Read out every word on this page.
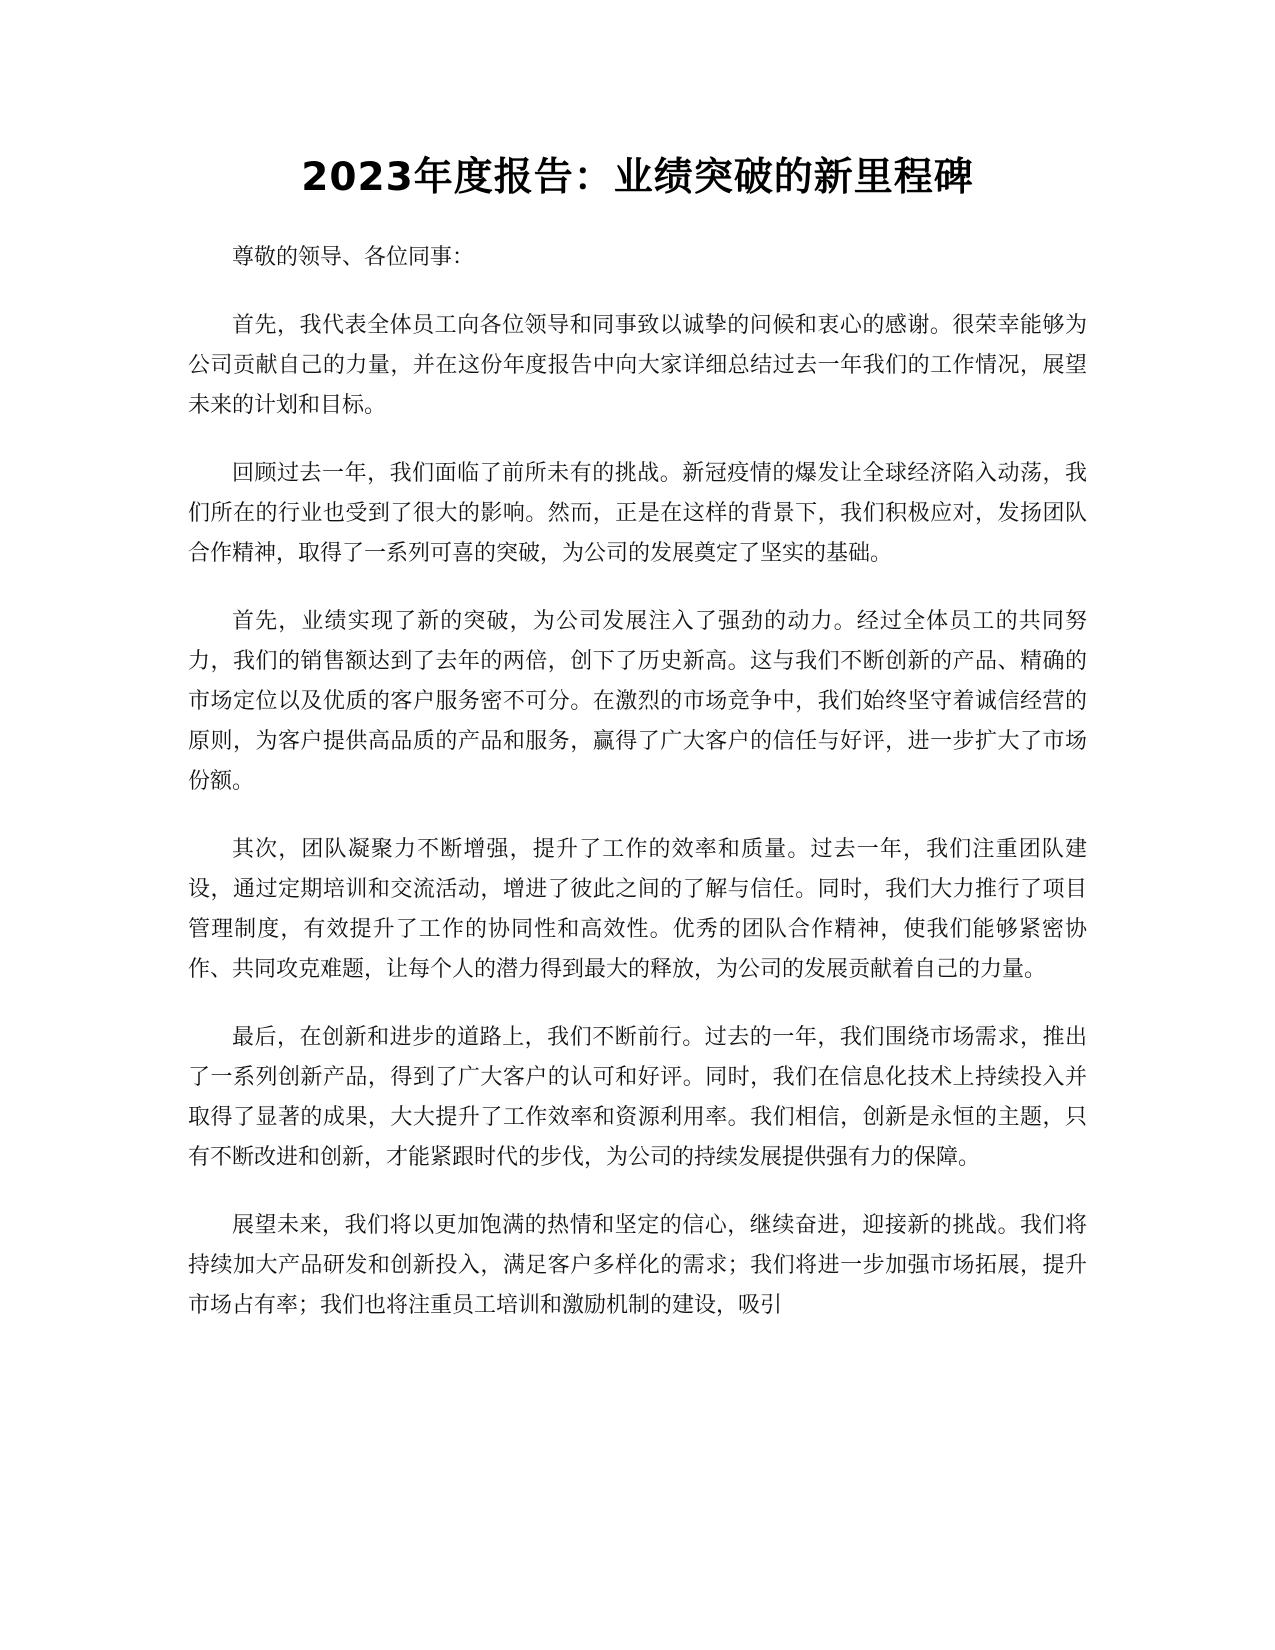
2023年度报告：业绩突破的新里程碑

尊敬的领导、各位同事：

首先，我代表全体员工向各位领导和同事致以诚挚的问候和衷心的感谢。很荣幸能够为公司贡献自己的力量，并在这份年度报告中向大家详细总结过去一年我们的工作情况，展望未来的计划和目标。

回顾过去一年，我们面临了前所未有的挑战。新冠疫情的爆发让全球经济陷入动荡，我们所在的行业也受到了很大的影响。然而，正是在这样的背景下，我们积极应对，发扬团队合作精神，取得了一系列可喜的突破，为公司的发展奠定了坚实的基础。

首先，业绩实现了新的突破，为公司发展注入了强劲的动力。经过全体员工的共同努力，我们的销售额达到了去年的两倍，创下了历史新高。这与我们不断创新的产品、精确的市场定位以及优质的客户服务密不可分。在激烈的市场竞争中，我们始终坚守着诚信经营的原则，为客户提供高品质的产品和服务，赢得了广大客户的信任与好评，进一步扩大了市场份额。

其次，团队凝聚力不断增强，提升了工作的效率和质量。过去一年，我们注重团队建设，通过定期培训和交流活动，增进了彼此之间的了解与信任。同时，我们大力推行了项目管理制度，有效提升了工作的协同性和高效性。优秀的团队合作精神，使我们能够紧密协作、共同攻克难题，让每个人的潜力得到最大的释放，为公司的发展贡献着自己的力量。

最后，在创新和进步的道路上，我们不断前行。过去的一年，我们围绕市场需求，推出了一系列创新产品，得到了广大客户的认可和好评。同时，我们在信息化技术上持续投入并取得了显著的成果，大大提升了工作效率和资源利用率。我们相信，创新是永恒的主题，只有不断改进和创新，才能紧跟时代的步伐，为公司的持续发展提供强有力的保障。

展望未来，我们将以更加饱满的热情和坚定的信心，继续奋进，迎接新的挑战。我们将持续加大产品研发和创新投入，满足客户多样化的需求；我们将进一步加强市场拓展，提升市场占有率；我们也将注重员工培训和激励机制的建设，吸引
